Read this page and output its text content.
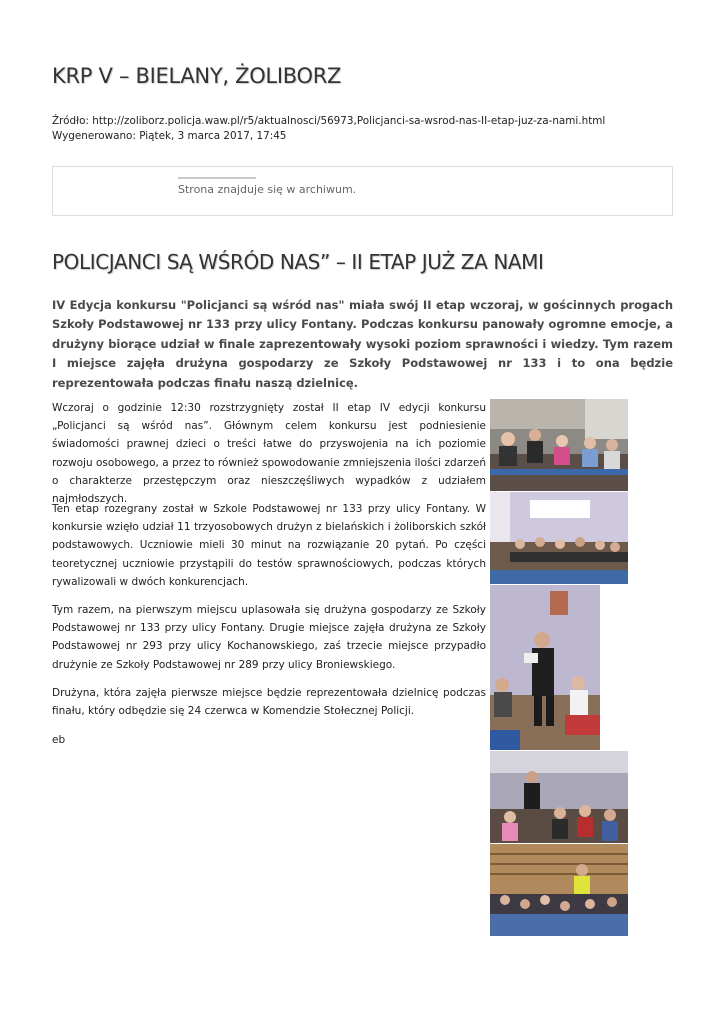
KRP V – BIELANY, ŻOLIBORZ
Źródło: http://zoliborz.policja.waw.pl/r5/aktualnosci/56973,Policjanci-sa-wsrod-nas-II-etap-juz-za-nami.html
Wygenerowano: Piątek, 3 marca 2017, 17:45
Strona znajduje się w archiwum.
POLICJANCI SĄ WŚRÓD NAS” – II ETAP JUŻ ZA NAMI

IV Edycja konkursu "Policjanci są wśród nas" miała swój II etap wczoraj, w gościnnych progach Szkoły Podstawowej nr 133 przy ulicy Fontany. Podczas konkursu panowały ogromne emocje, a drużyny biorące udział w finale zaprezentowały wysoki poziom sprawności i wiedzy. Tym razem I miejsce zajęła drużyna gospodarzy ze Szkoły Podstawowej nr 133 i to ona będzie reprezentowała podczas finału naszą dzielnicę.

Wczoraj o godzinie 12:30 rozstrzygnięty został II etap IV edycji konkursu „Policjanci są wśród nas”. Głównym celem konkursu jest podniesienie świadomości prawnej dzieci o treści łatwe do przyswojenia na ich poziomie rozwoju osobowego, a przez to również spowodowanie zmniejszenia ilości zdarzeń o charakterze przestępczym oraz nieszczęśliwych wypadków z udziałem najmłodszych.

Ten etap rozegrany został w Szkole Podstawowej nr 133 przy ulicy Fontany. W konkursie wzięło udział 11 trzyosobowych drużyn z bielańskich i żoliborskich szkół podstawowych. Uczniowie mieli 30 minut na rozwiązanie 20 pytań. Po części teoretycznej uczniowie przystąpili do testów sprawnościowych, podczas których rywalizowali w dwóch konkurencjach.

Tym razem, na pierwszym miejscu uplasowała się drużyna gospodarzy ze Szkoły Podstawowej nr 133 przy ulicy Fontany. Drugie miejsce zajęła drużyna ze Szkoły Podstawowej nr 293 przy ulicy Kochanowskiego, zaś trzecie miejsce przypadło drużynie ze Szkoły Podstawowej nr 289 przy ulicy Broniewskiego.

Drużyna, która zajęła pierwsze miejsce będzie reprezentowała dzielnicę podczas finału, który odbędzie się 24 czerwca w Komendzie Stołecznej Policji.

eb
